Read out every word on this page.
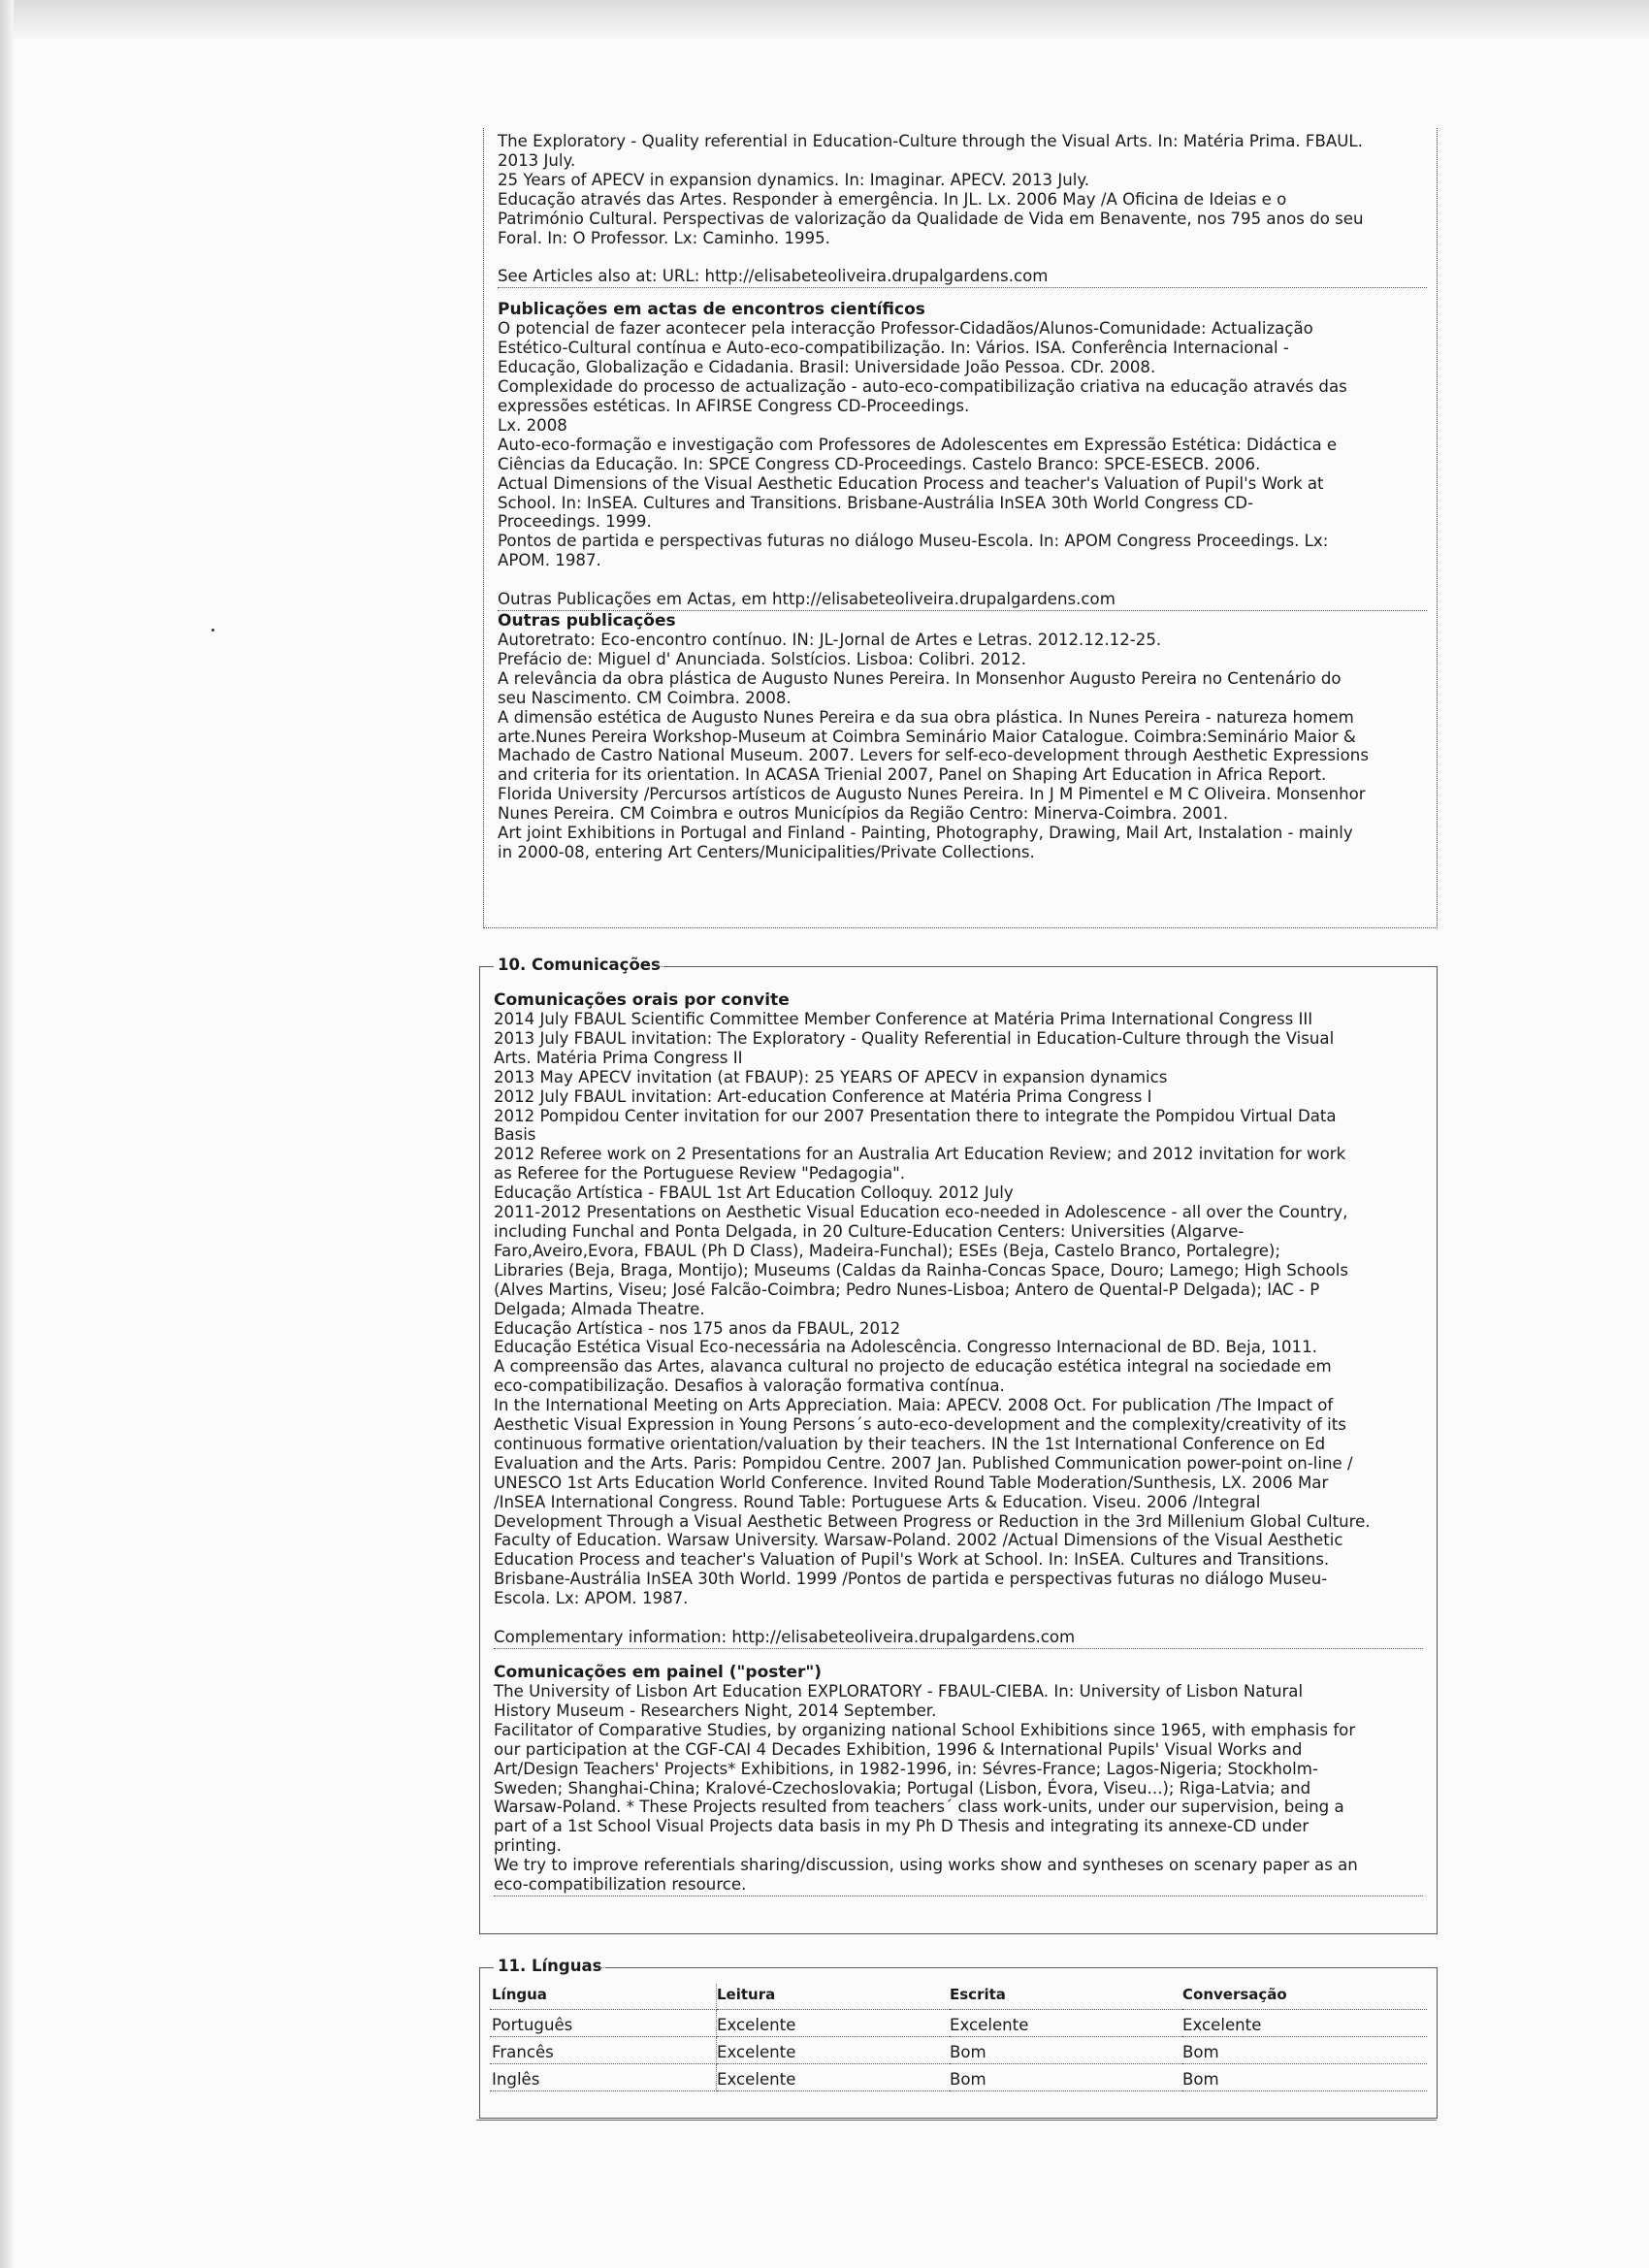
The Exploratory - Quality referential in Education-Culture through the Visual Arts. In: Matéria Prima. FBAUL.

2013 July.

25 Years of APECV in expansion dynamics. In: Imaginar. APECV. 2013 July.

Educação através das Artes. Responder à emergência. In JL. Lx. 2006 May /A Oficina de Ideias e o

Património Cultural. Perspectivas de valorização da Qualidade de Vida em Benavente, nos 795 anos do seu

Foral. In: O Professor. Lx: Caminho. 1995.

See Articles also at: URL: http://elisabeteoliveira.drupalgardens.com

Publicações em actas de encontros científicos

O potencial de fazer acontecer pela interacção Professor-Cidadãos/Alunos-Comunidade: Actualização

Estético-Cultural contínua e Auto-eco-compatibilização. In: Vários. ISA. Conferência Internacional -

Educação, Globalização e Cidadania. Brasil: Universidade João Pessoa. CDr. 2008.

Complexidade do processo de actualização - auto-eco-compatibilização criativa na educação através das

expressões estéticas. In AFIRSE Congress CD-Proceedings.

Lx. 2008

Auto-eco-formação e investigação com Professores de Adolescentes em Expressão Estética: Didáctica e

Ciências da Educação. In: SPCE Congress CD-Proceedings. Castelo Branco: SPCE-ESECB. 2006.

Actual Dimensions of the Visual Aesthetic Education Process and teacher's Valuation of Pupil's Work at

School. In: InSEA. Cultures and Transitions. Brisbane-Austrália InSEA 30th World Congress CD-

Proceedings. 1999.

Pontos de partida e perspectivas futuras no diálogo Museu-Escola. In: APOM Congress Proceedings. Lx:

APOM. 1987.

Outras Publicações em Actas, em http://elisabeteoliveira.drupalgardens.com

Outras publicações

Autoretrato: Eco-encontro contínuo. IN: JL-Jornal de Artes e Letras. 2012.12.12-25.

Prefácio de: Miguel d' Anunciada. Solstícios. Lisboa: Colibri. 2012.

A relevância da obra plástica de Augusto Nunes Pereira. In Monsenhor Augusto Pereira no Centenário do

seu Nascimento. CM Coimbra. 2008.

A dimensão estética de Augusto Nunes Pereira e da sua obra plástica. In Nunes Pereira - natureza homem

arte.Nunes Pereira Workshop-Museum at Coimbra Seminário Maior Catalogue. Coimbra:Seminário Maior &

Machado de Castro National Museum. 2007. Levers for self-eco-development through Aesthetic Expressions

and criteria for its orientation. In ACASA Trienial 2007, Panel on Shaping Art Education in Africa Report.

Florida University /Percursos artísticos de Augusto Nunes Pereira. In J M Pimentel e M C Oliveira. Monsenhor

Nunes Pereira. CM Coimbra e outros Municípios da Região Centro: Minerva-Coimbra. 2001.

Art joint Exhibitions in Portugal and Finland - Painting, Photography, Drawing, Mail Art, Instalation - mainly

in 2000-08, entering Art Centers/Municipalities/Private Collections.

10. Comunicações

Comunicações orais por convite

2014 July FBAUL Scientific Committee Member Conference at Matéria Prima International Congress III

2013 July FBAUL invitation: The Exploratory - Quality Referential in Education-Culture through the Visual

Arts. Matéria Prima Congress II

2013 May APECV invitation (at FBAUP): 25 YEARS OF APECV in expansion dynamics

2012 July FBAUL invitation: Art-education Conference at Matéria Prima Congress I

2012 Pompidou Center invitation for our 2007 Presentation there to integrate the Pompidou Virtual Data

Basis

2012 Referee work on 2 Presentations for an Australia Art Education Review; and 2012 invitation for work

as Referee for the Portuguese Review "Pedagogia".

Educação Artística - FBAUL 1st Art Education Colloquy. 2012 July

2011-2012 Presentations on Aesthetic Visual Education eco-needed in Adolescence - all over the Country,

including Funchal and Ponta Delgada, in 20 Culture-Education Centers: Universities (Algarve-

Faro,Aveiro,Evora, FBAUL (Ph D Class), Madeira-Funchal); ESEs (Beja, Castelo Branco, Portalegre);

Libraries (Beja, Braga, Montijo); Museums (Caldas da Rainha-Concas Space, Douro; Lamego; High Schools

(Alves Martins, Viseu; José Falcão-Coimbra; Pedro Nunes-Lisboa; Antero de Quental-P Delgada); IAC - P

Delgada; Almada Theatre.

Educação Artística - nos 175 anos da FBAUL, 2012

Educação Estética Visual Eco-necessária na Adolescência. Congresso Internacional de BD. Beja, 1011.

A compreensão das Artes, alavanca cultural no projecto de educação estética integral na sociedade em

eco-compatibilização. Desafios à valoração formativa contínua.

In the International Meeting on Arts Appreciation. Maia: APECV. 2008 Oct. For publication /The Impact of

Aesthetic Visual Expression in Young Persons´s auto-eco-development and the complexity/creativity of its

continuous formative orientation/valuation by their teachers. IN the 1st International Conference on Ed

Evaluation and the Arts. Paris: Pompidou Centre. 2007 Jan. Published Communication power-point on-line /

UNESCO 1st Arts Education World Conference. Invited Round Table Moderation/Sunthesis, LX. 2006 Mar

/InSEA International Congress. Round Table: Portuguese Arts & Education. Viseu. 2006 /Integral

Development Through a Visual Aesthetic Between Progress or Reduction in the 3rd Millenium Global Culture.

Faculty of Education. Warsaw University. Warsaw-Poland. 2002 /Actual Dimensions of the Visual Aesthetic

Education Process and teacher's Valuation of Pupil's Work at School. In: InSEA. Cultures and Transitions.

Brisbane-Austrália InSEA 30th World. 1999 /Pontos de partida e perspectivas futuras no diálogo Museu-

Escola. Lx: APOM. 1987.

Complementary information: http://elisabeteoliveira.drupalgardens.com

Comunicações em painel ("poster")

The University of Lisbon Art Education EXPLORATORY - FBAUL-CIEBA. In: University of Lisbon Natural

History Museum - Researchers Night, 2014 September.

Facilitator of Comparative Studies, by organizing national School Exhibitions since 1965, with emphasis for

our participation at the CGF-CAI 4 Decades Exhibition, 1996 & International Pupils' Visual Works and

Art/Design Teachers' Projects* Exhibitions, in 1982-1996, in: Sévres-France; Lagos-Nigeria; Stockholm-

Sweden; Shanghai-China; Kralové-Czechoslovakia; Portugal (Lisbon, Évora, Viseu...); Riga-Latvia; and

Warsaw-Poland. * These Projects resulted from teachers´ class work-units, under our supervision, being a

part of a 1st School Visual Projects data basis in my Ph D Thesis and integrating its annexe-CD under

printing.

We try to improve referentials sharing/discussion, using works show and syntheses on scenary paper as an

eco-compatibilization resource.

11. Línguas
Língua	Leitura	Escrita	Conversação
Português	Excelente	Excelente	Excelente
Francês	Excelente	Bom	Bom
Inglês	Excelente	Bom	Bom
